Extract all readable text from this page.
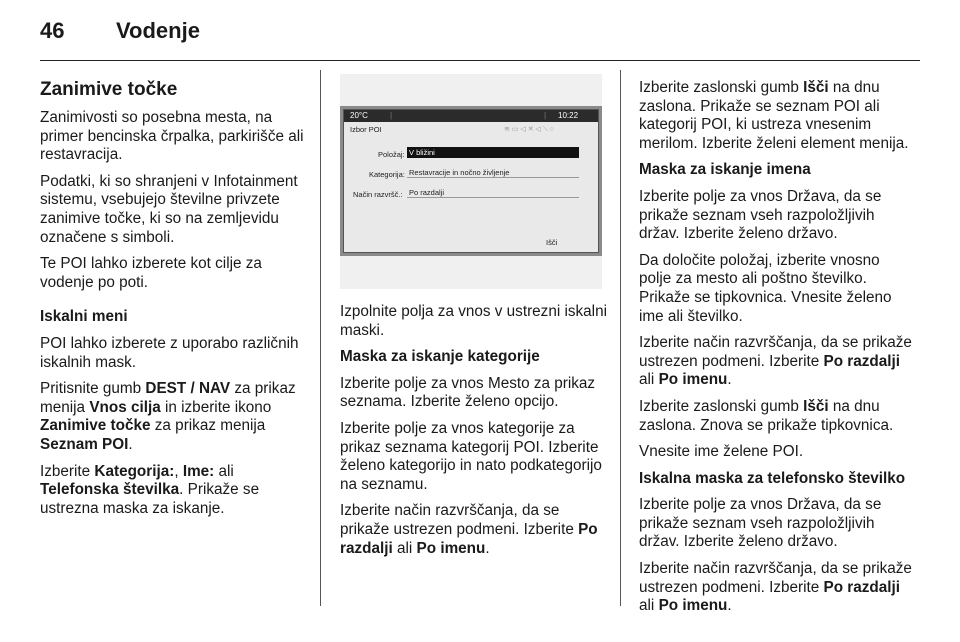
46 Vodenje

Zanimive točke

Zanimivosti so posebna mesta, na primer bencinska črpalka, parkirišče ali restavracija.

Podatki, ki so shranjeni v Infotainment sistemu, vsebujejo številne privzete zanimive točke, ki so na zemljevidu označene s simboli.

Te POI lahko izberete kot cilje za vodenje po poti.

Iskalni meni

POI lahko izberete z uporabo različnih iskalnih mask.

Pritisnite gumb DEST / NAV za prikaz menija Vnos cilja in izberite ikono Zanimive točke za prikaz menija Seznam POI.

Izberite Kategorija:, Ime: ali Telefonska številka. Prikaže se ustrezna maska za iskanje.

20°C	|	| 10:22
Izbor POI	≋ ▭ ◁ ✕ ◁ ⟍ ○
Položaj: V bližini
Kategorija: Restavracije in nočno življenje
Način razvršč.: Po razdalji
Išči

Izpolnite polja za vnos v ustrezni iskalni maski.

Maska za iskanje kategorije

Izberite polje za vnos Mesto za prikaz seznama. Izberite želeno opcijo.

Izberite polje za vnos kategorije za prikaz seznama kategorij POI. Izberite želeno kategorijo in nato podkategorijo na seznamu.

Izberite način razvrščanja, da se prikaže ustrezen podmeni. Izberite Po razdalji ali Po imenu.

Izberite zaslonski gumb Išči na dnu zaslona. Prikaže se seznam POI ali kategorij POI, ki ustreza vnesenim merilom. Izberite želeni element menija.

Maska za iskanje imena

Izberite polje za vnos Država, da se prikaže seznam vseh razpoložljivih držav. Izberite želeno državo.

Da določite položaj, izberite vnosno polje za mesto ali poštno številko. Prikaže se tipkovnica. Vnesite želeno ime ali številko.

Izberite način razvrščanja, da se prikaže ustrezen podmeni. Izberite Po razdalji ali Po imenu.

Izberite zaslonski gumb Išči na dnu zaslona. Znova se prikaže tipkovnica.

Vnesite ime želene POI.

Iskalna maska za telefonsko številko

Izberite polje za vnos Država, da se prikaže seznam vseh razpoložljivih držav. Izberite želeno državo.

Izberite način razvrščanja, da se prikaže ustrezen podmeni. Izberite Po razdalji ali Po imenu.
